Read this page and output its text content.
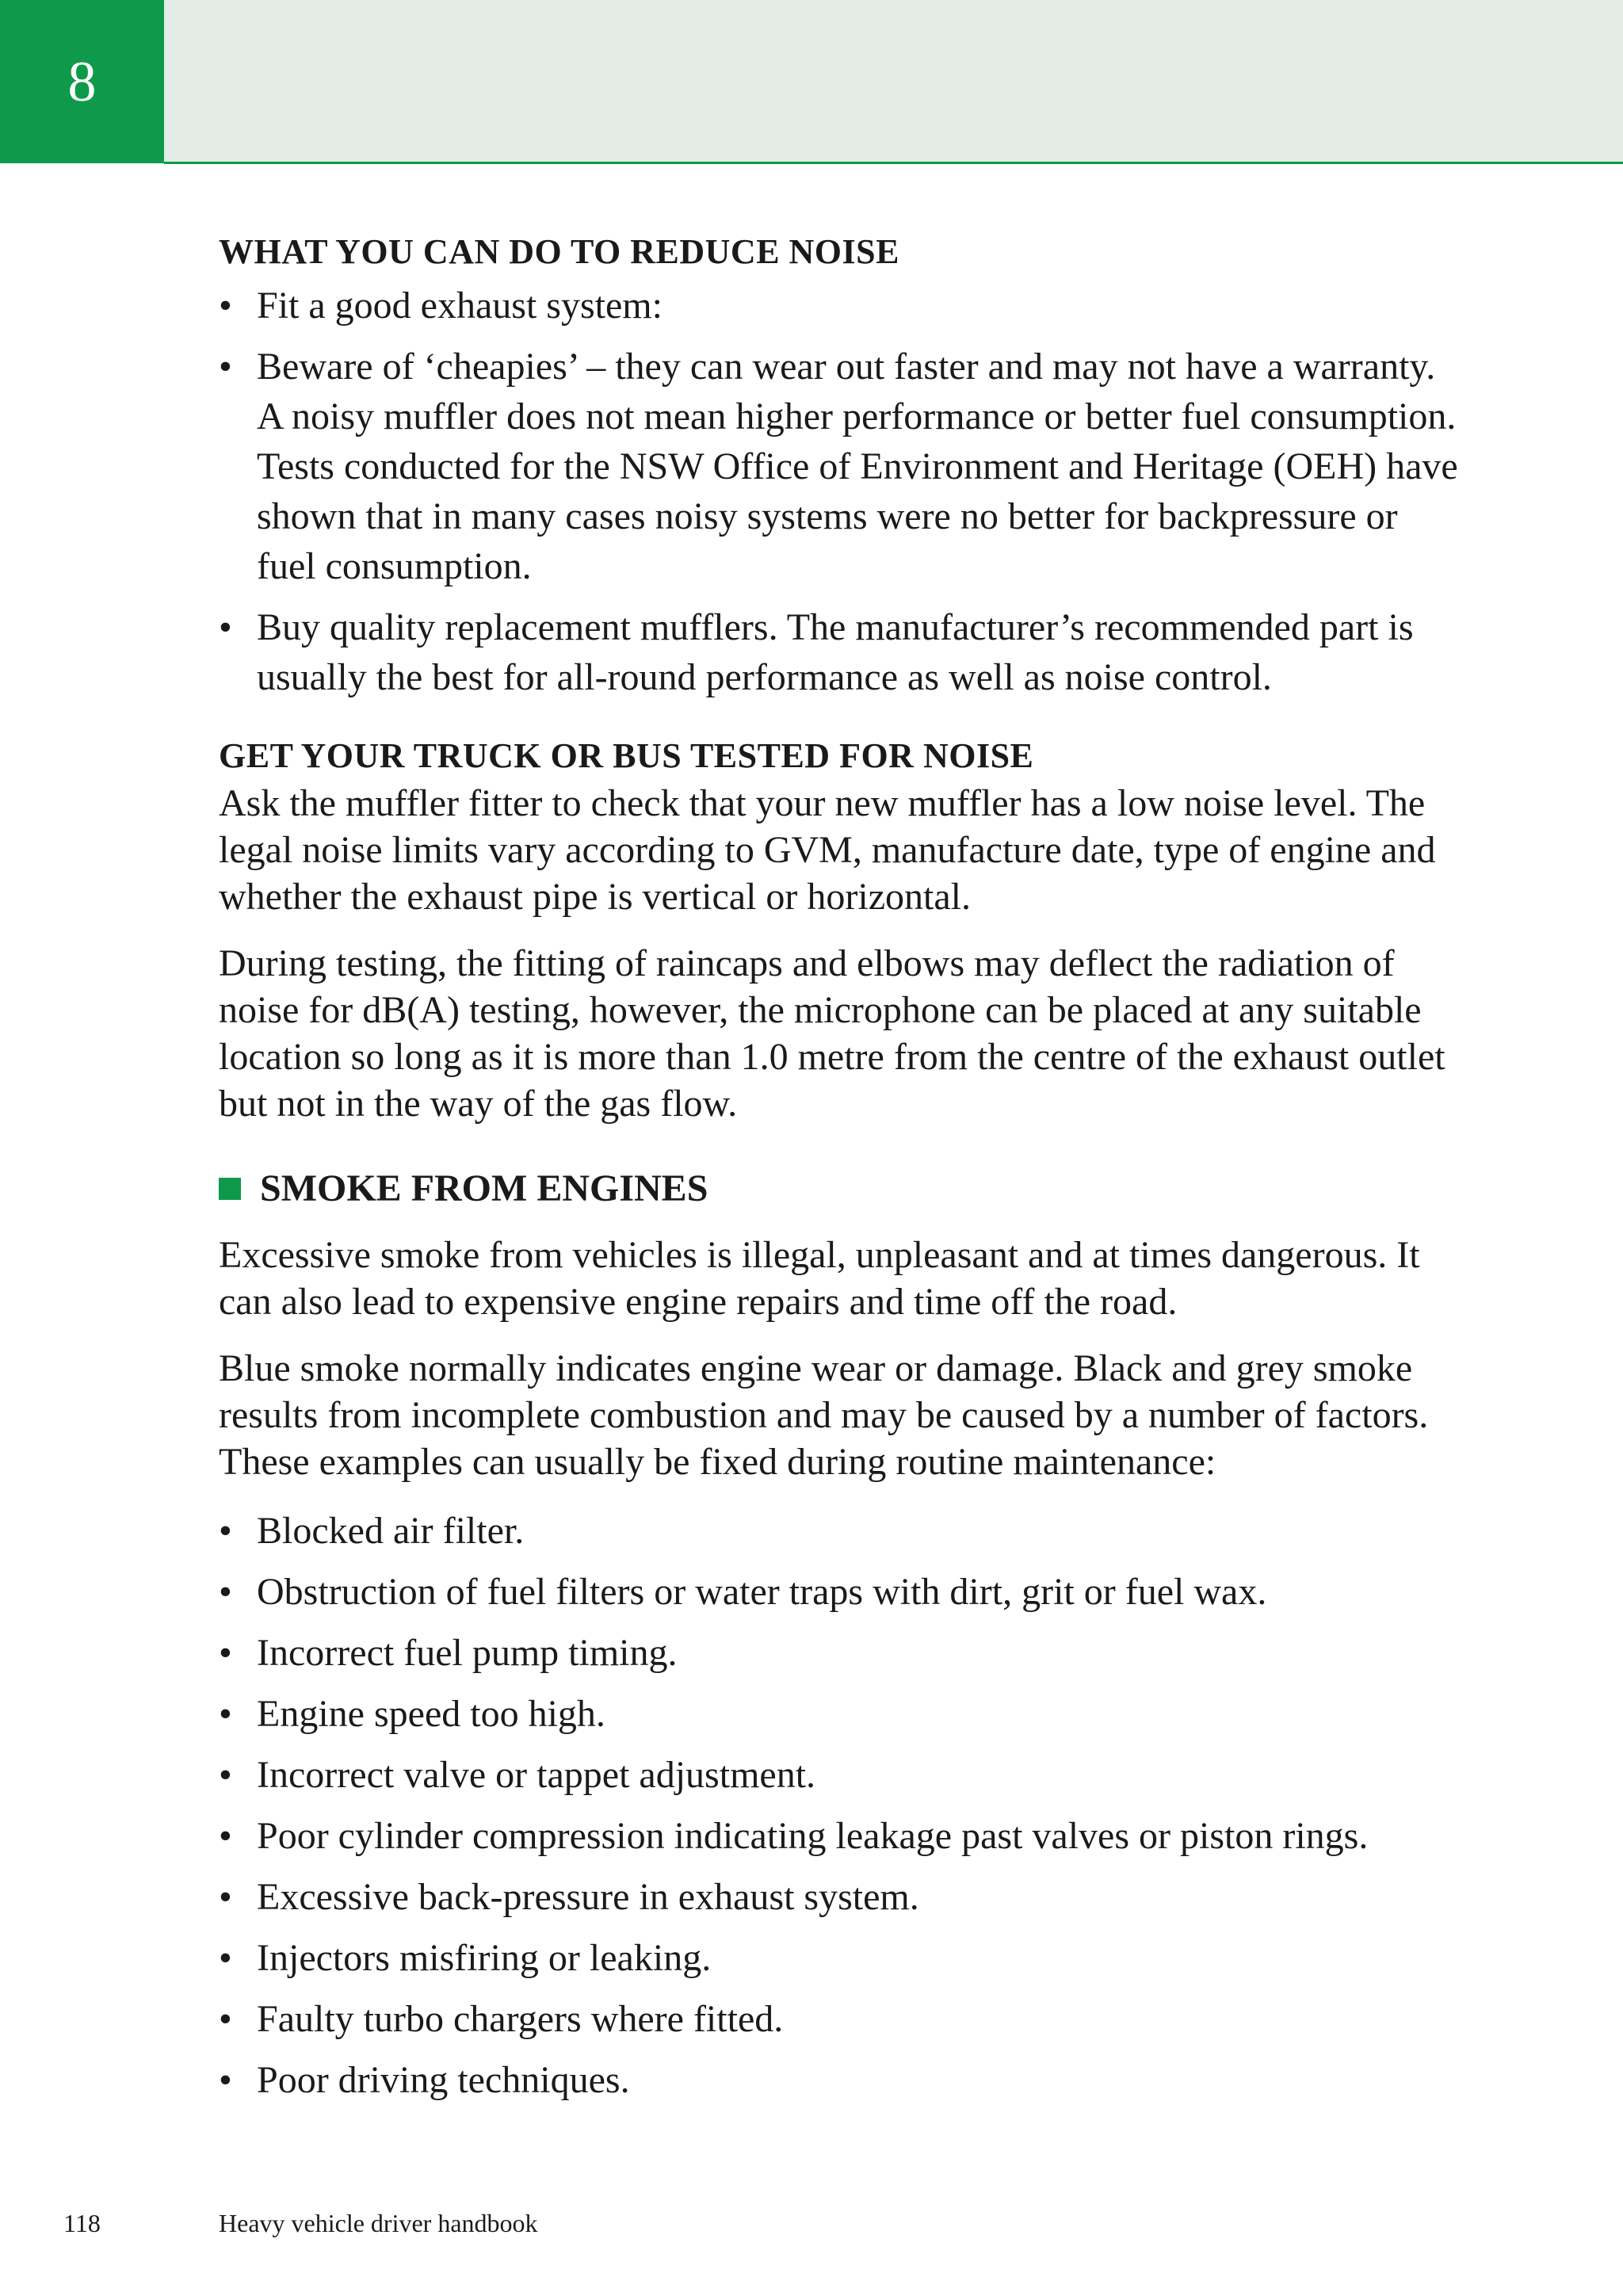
8
WHAT YOU CAN DO TO REDUCE NOISE
• Fit a good exhaust system:
• Beware of ‘cheapies’ – they can wear out faster and may not have a warranty. A noisy muffler does not mean higher performance or better fuel consumption. Tests conducted for the NSW Office of Environment and Heritage (OEH) have shown that in many cases noisy systems were no better for backpressure or fuel consumption.
• Buy quality replacement mufflers. The manufacturer’s recommended part is usually the best for all-round performance as well as noise control.
GET YOUR TRUCK OR BUS TESTED FOR NOISE

Ask the muffler fitter to check that your new muffler has a low noise level. The legal noise limits vary according to GVM, manufacture date, type of engine and whether the exhaust pipe is vertical or horizontal.

During testing, the fitting of raincaps and elbows may deflect the radiation of noise for dB(A) testing, however, the microphone can be placed at any suitable location so long as it is more than 1.0 metre from the centre of the exhaust outlet but not in the way of the gas flow.

SMOKE FROM ENGINES

Excessive smoke from vehicles is illegal, unpleasant and at times dangerous. It can also lead to expensive engine repairs and time off the road.

Blue smoke normally indicates engine wear or damage. Black and grey smoke results from incomplete combustion and may be caused by a number of factors. These examples can usually be fixed during routine maintenance:

• Blocked air filter.
• Obstruction of fuel filters or water traps with dirt, grit or fuel wax.
• Incorrect fuel pump timing.
• Engine speed too high.
• Incorrect valve or tappet adjustment.
• Poor cylinder compression indicating leakage past valves or piston rings.
• Excessive back-pressure in exhaust system.
• Injectors misfiring or leaking.
• Faulty turbo chargers where fitted.
• Poor driving techniques.
118	Heavy vehicle driver handbook
